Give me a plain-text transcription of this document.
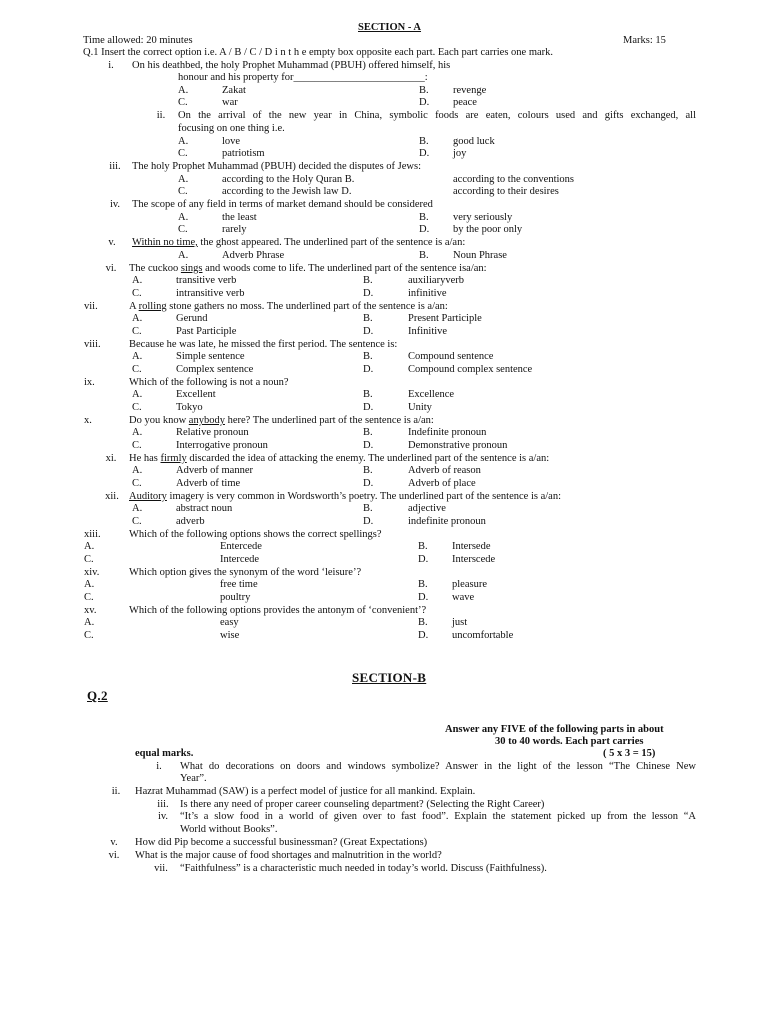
SECTION - A
Time allowed: 20 minutes	Marks: 15
Q.1 Insert the correct option i.e. A / B / C / D i n t h e empty box opposite each part. Each part carries one mark.
i.	On his deathbed, the holy Prophet Muhammad (PBUH) offered himself, his
honour and his property for_________________________:
A.	Zakat	B. revenge
C.	war	D. peace
ii.	On the arrival of the new year in China, symbolic foods are eaten, colours used and gifts exchanged, all
focusing on one thing i.e.
A.	love	B. good luck
C.	patriotism	D. joy
iii.	The holy Prophet Muhammad (PBUH) decided the disputes of Jews:
A.	according to the Holy Quran B.	according to the conventions
C.	according to the Jewish law D.	according to their desires
iv.	The scope of any field in terms of market demand should be considered
A.	the least	B. very seriously
C.	rarely	D. by the poor only
v.	Within no time, the ghost appeared. The underlined part of the sentence is a/an:
A.	Adverb Phrase	B. Noun Phrase
vi.	The cuckoo sings and woods come to life. The underlined part of the sentence isa/an:
A.	transitive verb	B.	auxiliaryverb
C.	intransitive verb	D.	infinitive
vii.	A rolling stone gathers no moss. The underlined part of the sentence is a/an:
A.	Gerund	B.	Present Participle
C.	Past Participle	D.	Infinitive
viii.	Because he was late, he missed the first period. The sentence is:
A.	Simple sentence	B.	Compound sentence
C.	Complex sentence	D.	Compound complex sentence
ix.	Which of the following is not a noun?
A.	Excellent	B.	Excellence
C.	Tokyo	D.	Unity
x.	Do you know anybody here? The underlined part of the sentence is a/an:
A.	Relative pronoun	B.	Indefinite pronoun
C.	Interrogative pronoun	D.	Demonstrative pronoun
xi.	He has firmly discarded the idea of attacking the enemy. The underlined part of the sentence is a/an:
A.	Adverb of manner	B.	Adverb of reason
C.	Adverb of time	D.	Adverb of place
xii. Auditory imagery is very common in Wordsworth’s poetry. The underlined part of the sentence is a/an:
A.	abstract noun	B.	adjective
C.	adverb	D.	indefinite pronoun
xiii.	Which of the following options shows the correct spellings?
A.	Entercede	B. Intersede
C.	Intercede	D. Interscede
xiv.	Which option gives the synonym of the word ‘leisure’?
A.	free time	B. pleasure
C.	poultry	D. wave
xv.	Which of the following options provides the antonym of ‘convenient’?
A.	easy	B. just
C.	wise	D. uncomfortable
SECTION-B
Q.2
Answer any FIVE of the following parts in about
30 to 40 words. Each part carries
( 5 x 3 = 15)
equal marks.
i.	What do decorations on doors and windows symbolize? Answer in the light of the lesson “The Chinese New
Year”.
ii.	Hazrat Muhammad (SAW) is a perfect model of justice for all mankind. Explain.
iii.	Is there any need of proper career counseling department? (Selecting the Right Career)
iv.	“It’s a slow food in a world of given over to fast food”. Explain the statement picked up from the lesson “A
World without Books”.
v.	How did Pip become a successful businessman? (Great Expectations)
vi.	What is the major cause of food shortages and malnutrition in the world?
vii.	“Faithfulness” is a characteristic much needed in today’s world. Discuss (Faithfulness).
